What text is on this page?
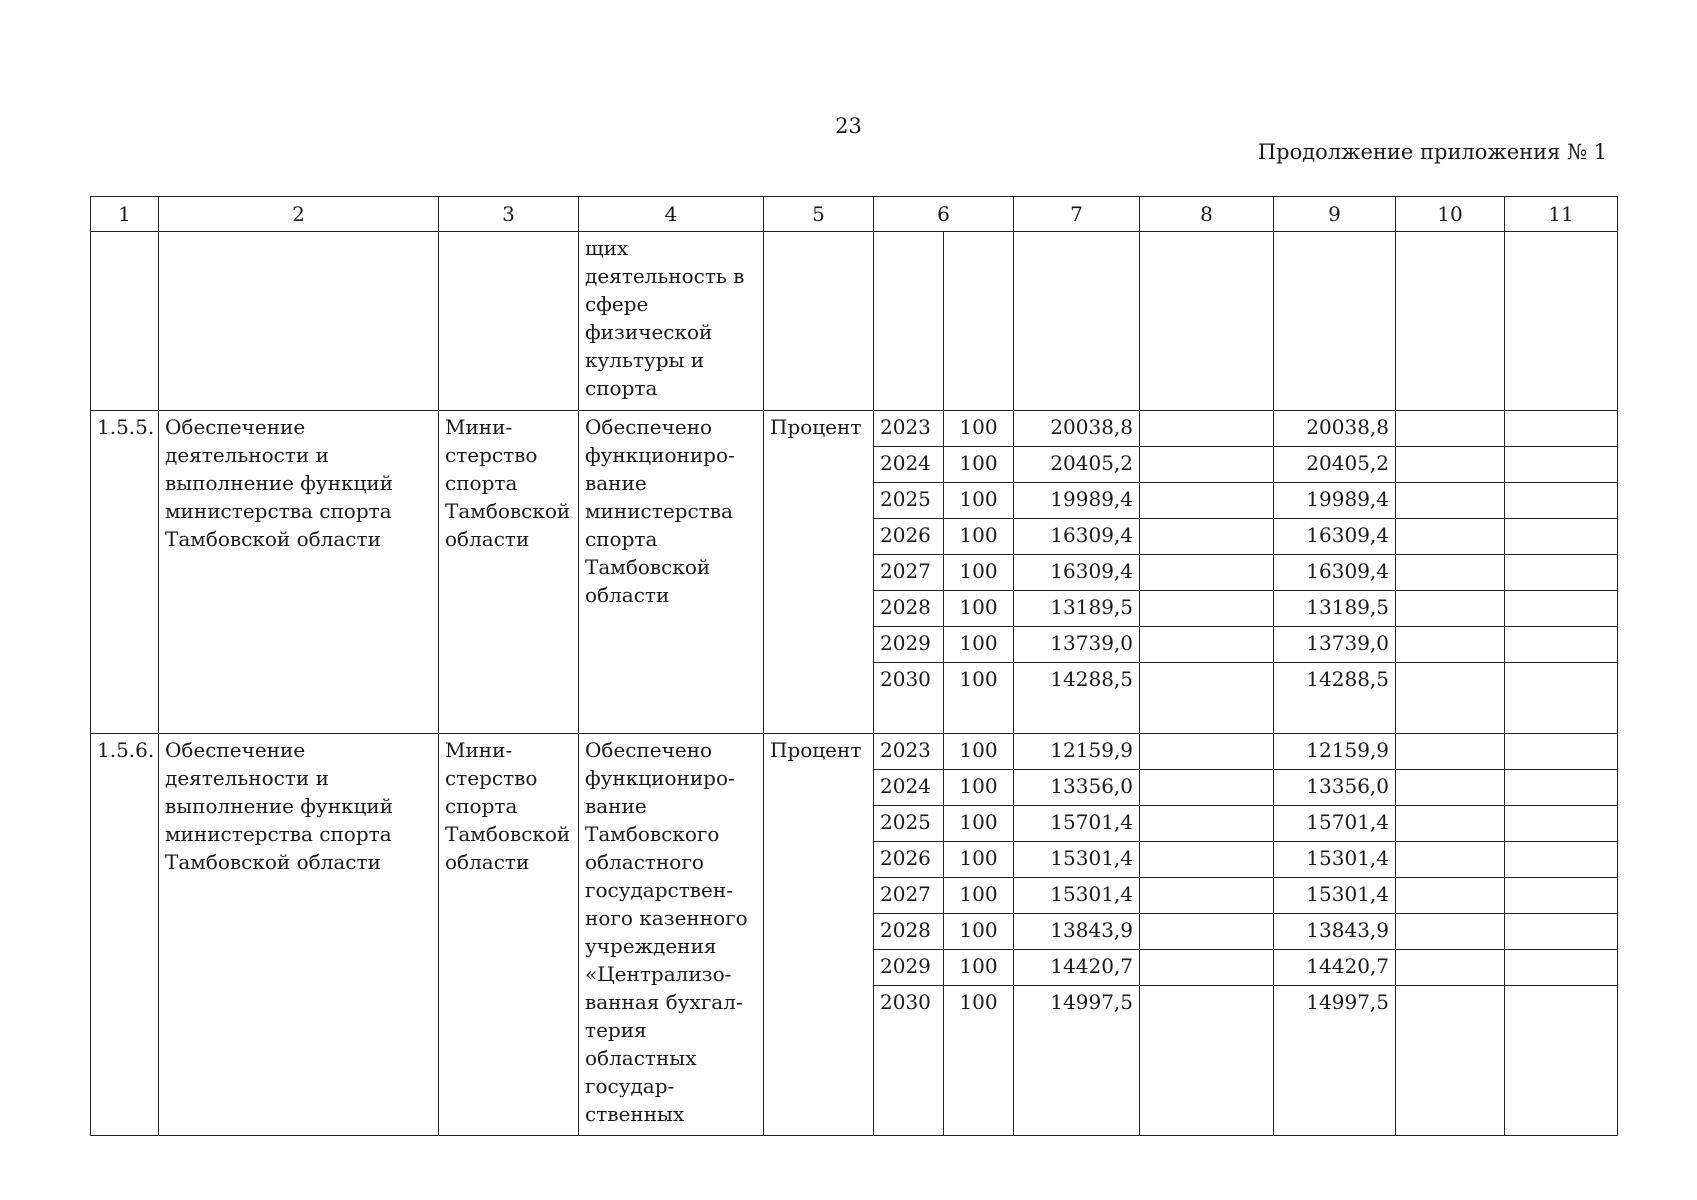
23
Продолжение приложения № 1
1	2	3	4	5	6		7	8	9	10	11
			щих деятельность в сфере физической культуры и спорта								
1.5.5.	Обеспечение деятельности и выполнение функций министерства спорта Тамбовской области	Мини- стерство спорта Тамбовской области	Обеспечено функциониро- вание министерства спорта Тамбовской области	Процент	2023	100	20038,8		20038,8		
					2024	100	20405,2		20405,2		
					2025	100	19989,4		19989,4		
					2026	100	16309,4		16309,4		
					2027	100	16309,4		16309,4		
					2028	100	13189,5		13189,5		
					2029	100	13739,0		13739,0		
					2030	100	14288,5		14288,5		
1.5.6.	Обеспечение деятельности и выполнение функций министерства спорта Тамбовской области	Мини- стерство спорта Тамбовской области	Обеспечено функциониро- вание Тамбовского областного государствен- ного казенного учреждения «Централизо- ванная бухгал- терия областных государ- ственных	Процент	2023	100	12159,9		12159,9		
					2024	100	13356,0		13356,0		
					2025	100	15701,4		15701,4		
					2026	100	15301,4		15301,4		
					2027	100	15301,4		15301,4		
					2028	100	13843,9		13843,9		
					2029	100	14420,7		14420,7		
					2030	100	14997,5		14997,5		
